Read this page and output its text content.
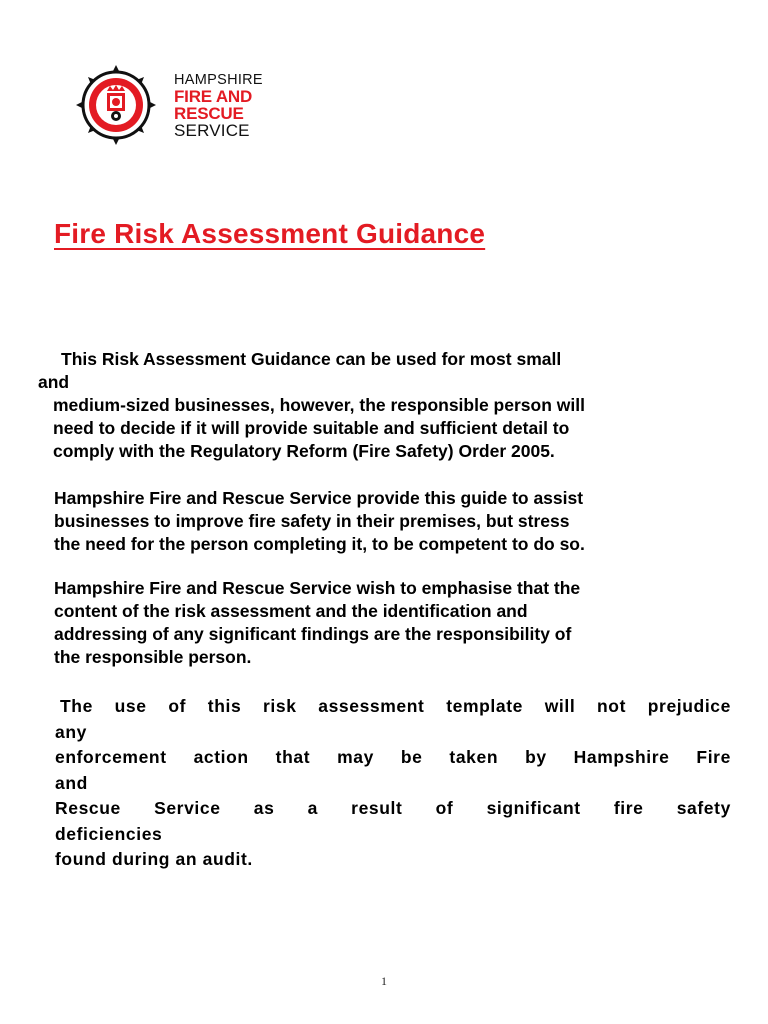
HAMPSHIRE
FIRE AND
RESCUE
SERVICE
Fire Risk Assessment Guidance
This Risk Assessment Guidance can be used for most small
and
medium-sized businesses, however, the responsible person will
need to decide if it will provide suitable and sufficient detail to
comply with the Regulatory Reform (Fire Safety) Order 2005.
Hampshire Fire and Rescue Service provide this guide to assist
businesses to improve fire safety in their premises, but stress
the need for the person completing it, to be competent to do so.
Hampshire Fire and Rescue Service wish to emphasise that the
content of the risk assessment and the identification and
addressing of any significant findings are the responsibility of
the responsible person.
The use of this risk assessment template will not prejudice
any
enforcement action that may be taken by Hampshire Fire
and
Rescue Service as a result of significant fire safety
deficiencies
found during an audit.
1
